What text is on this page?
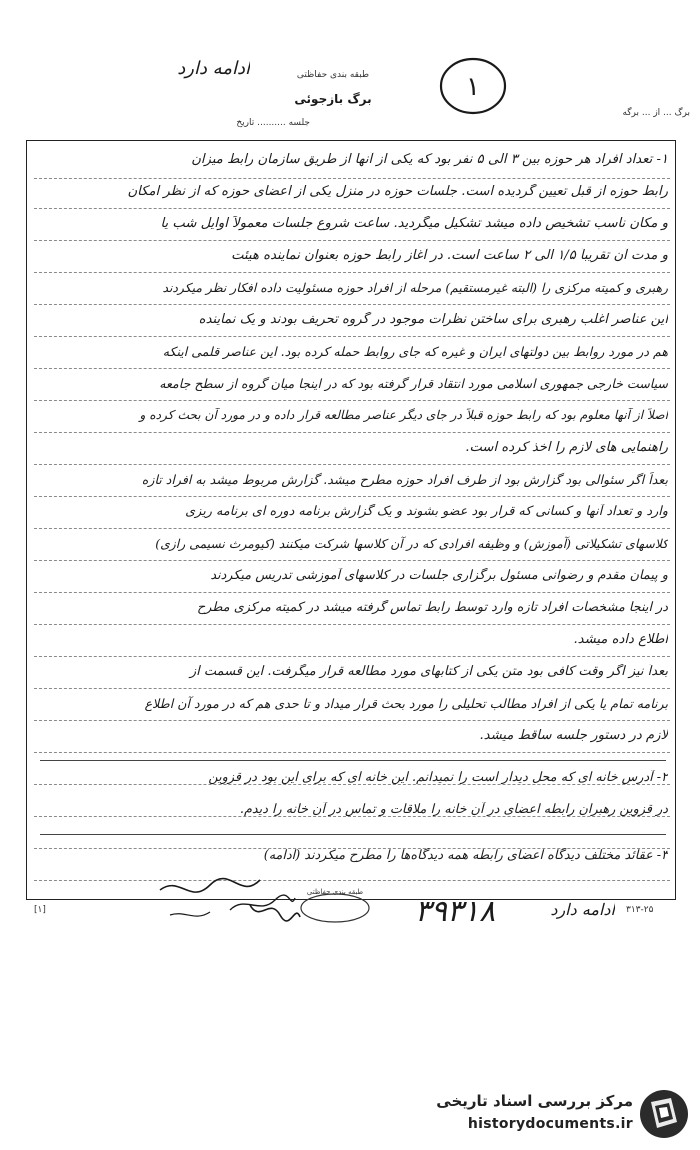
برگ ... از ... برگه
طبقه بندی حفاظتی
برگ بازجوئی
جلسه .......... تاریخ
ادامه دارد
۱
۱- تعداد افراد هر حوزه بین ۳ الی ۵ نفر بود که یکی از آنها از طریق سازمان رابط میزان
رابط حوزه از قبل تعیین گردیده است. جلسات حوزه در منزل یکی از اعضای حوزه که از نظر امکان
و مکان ناسب تشخیص داده میشد تشکیل میگردید. ساعت شروع جلسات معمولاً اوایل شب یا
و مدت آن تقریباً ۱/۵ الی ۲ ساعت است. در آغاز رابط حوزه بعنوان نماینده هیئت
رهبری و کمیته مرکزی را (البته غیرمستقیم) مرحله از افراد حوزه مسئولیت داده افکار نظر میکردند
این عناصر اغلب رهبری برای ساختن نظرات موجود در گروه تحریف بودند و یک نماینده
هم در مورد روابط بین دولتهای ایران و غیره که جای روابط حمله کرده بود. این عناصر قلمی اینکه
سیاست خارجی جمهوری اسلامی مورد انتقاد قرار گرفته بود که در اینجا میان گروه از سطح جامعه
اصلاً از آنها معلوم بود که رابط حوزه قبلاً در جای دیگر عناصر مطالعه قرار داده و در مورد آن بحث کرده و
راهنمایی های لازم را اخذ کرده است.
بعداً اگر سئوالی بود گزارش بود از طرف افراد حوزه مطرح میشد. گزارش مربوط میشد به افراد تازه
وارد و تعداد آنها و کسانی که قرار بود عضو بشوند و یک گزارش برنامه دوره ای برنامه ریزی
کلاسهای تشکیلاتی (آموزش) و وظیفه افرادی که در آن کلاسها شرکت میکنند (کیومرث نسیمی رازی)
و پیمان مقدم و رضوانی مسئول برگزاری جلسات در کلاسهای آموزشی تدریس میکردند
در اینجا مشخصات افراد تازه وارد توسط رابط تماس گرفته میشد در کمیته مرکزی مطرح
اطلاع داده میشد.
بعداً نیز اگر وقت کافی بود متن یکی از کتابهای مورد مطالعه قرار میگرفت. این قسمت از
برنامه تمام یا یکی از افراد مطالب تحلیلی را مورد بحث قرار میداد و تا حدی هم که در مورد آن اطلاع
لازم در دستور جلسه ساقط میشد.
۲- آدرس خانه ای که محل دیدار است را نمیدانم. این خانه ای که برای این بود در قزوین
در قزوین رهبران رابطه اعضای در آن خانه را ملاقات و تماس در آن خانه را دیدم.
۳- عقائد مختلف دیدگاه اعضای رابطه همه دیدگاه‌ها را مطرح میکردند (ادامه)
[۱]	۳۱۳-۲۵
۳۹۳۱۸	ادامه دارد
طبقه بندی حفاظتی
مرکز بررسی اسناد تاریخی
historydocuments.ir
